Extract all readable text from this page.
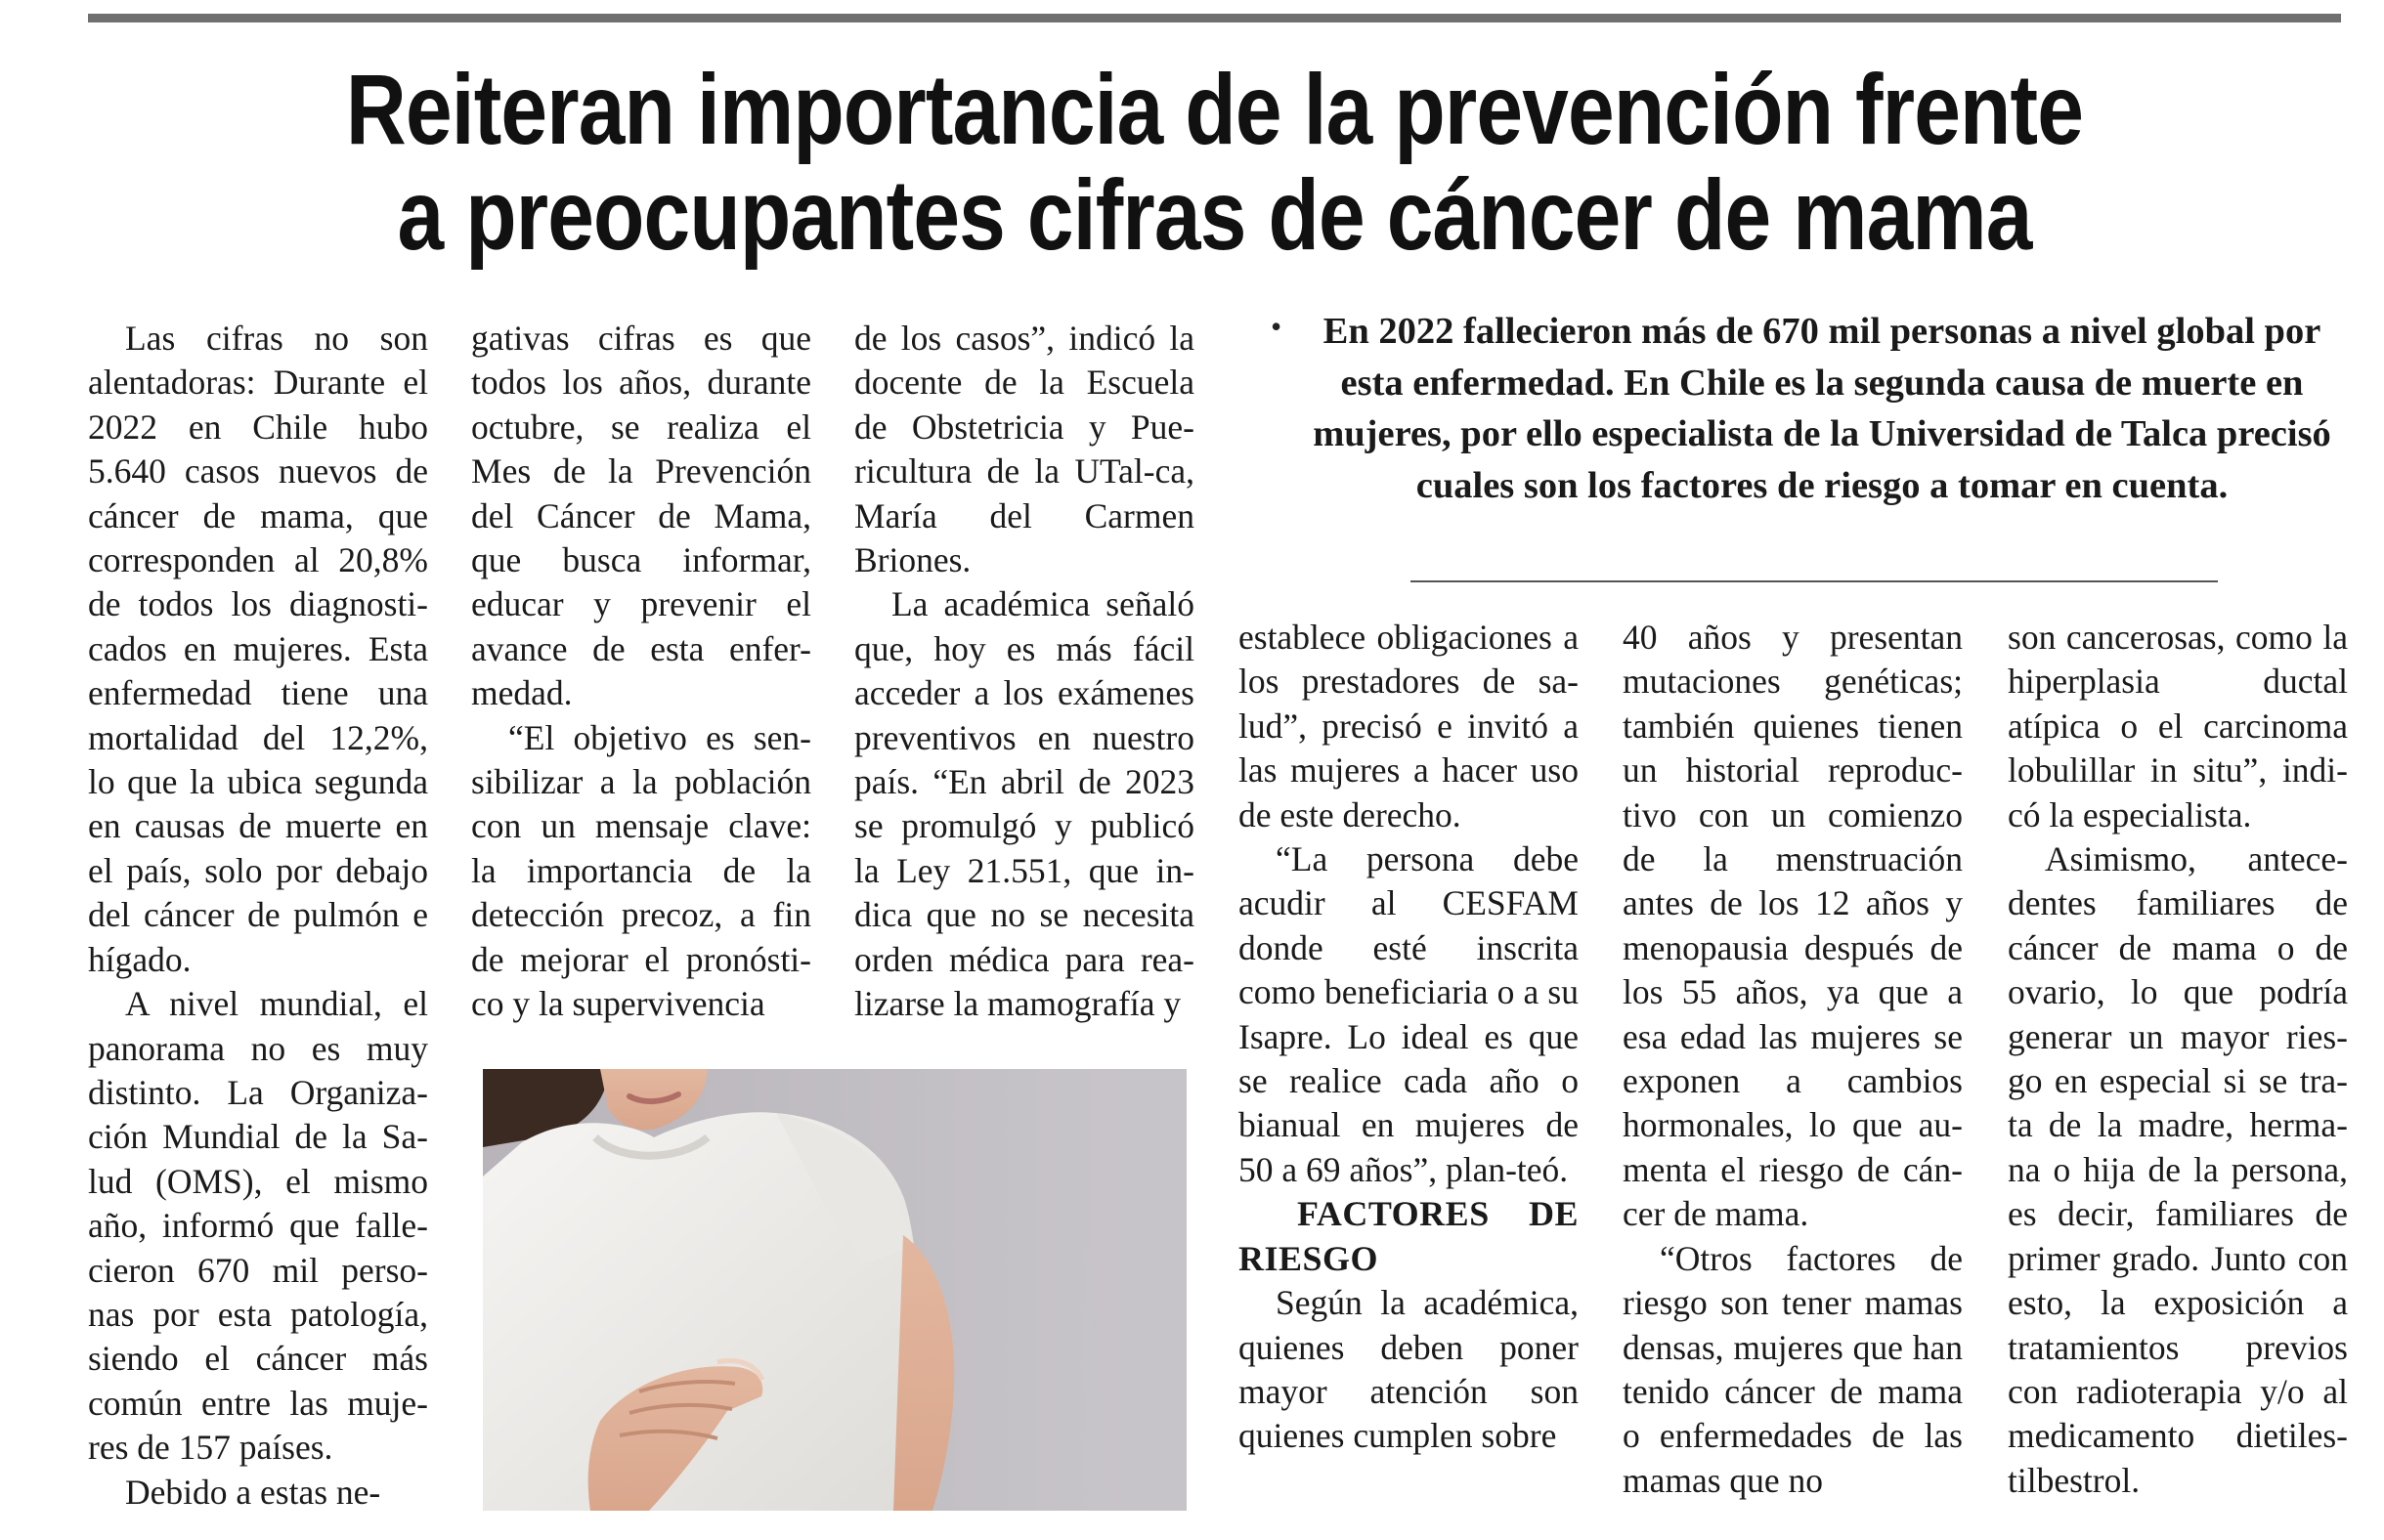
Reiteran importancia de la prevención frente
a preocupantes cifras de cáncer de mama

Las cifras no son alentadoras: Durante el 2022 en Chile hubo 5.640 casos nuevos de cáncer de mama, que corresponden al 20,8% de todos los diagnosti-cados en mujeres. Esta enfermedad tiene una mortalidad del 12,2%, lo que la ubica segunda en causas de muerte en el país, solo por debajo del cáncer de pulmón e hígado.

A nivel mundial, el panorama no es muy distinto. La Organiza-ción Mundial de la Sa-lud (OMS), el mismo año, informó que falle-cieron 670 mil perso-nas por esta patología, siendo el cáncer más común entre las muje-res de 157 países.

Debido a estas ne-

gativas cifras es que todos los años, durante octubre, se realiza el Mes de la Prevención del Cáncer de Mama, que busca informar, educar y prevenir el avance de esta enfer-medad.

“El objetivo es sen-sibilizar a la población con un mensaje clave: la importancia de la detección precoz, a fin de mejorar el pronósti-co y la supervivencia

de los casos”, indicó la docente de la Escuela de Obstetricia y Pue-ricultura de la UTal-ca, María del Carmen Briones.

La académica señaló que, hoy es más fácil acceder a los exámenes preventivos en nuestro país. “En abril de 2023 se promulgó y publicó la Ley 21.551, que in-dica que no se necesita orden médica para rea-lizarse la mamografía y

•	En 2022 fallecieron más de 670 mil personas a nivel global por esta enfermedad. En Chile es la segunda causa de muerte en mujeres, por ello especialista de la Universidad de Talca precisó cuales son los factores de riesgo a tomar en cuenta.

establece obligaciones a los prestadores de sa-lud”, precisó e invitó a las mujeres a hacer uso de este derecho.

“La persona debe acudir al CESFAM donde esté inscrita como beneficiaria o a su Isapre. Lo ideal es que se realice cada año o bianual en mujeres de 50 a 69 años”, plan-teó.

FACTORES DE RIESGO

Según la académica, quienes deben poner mayor atención son quienes cumplen sobre

40 años y presentan mutaciones genéticas; también quienes tienen un historial reproduc-tivo con un comienzo de la menstruación antes de los 12 años y menopausia después de los 55 años, ya que a esa edad las mujeres se exponen a cambios hormonales, lo que au-menta el riesgo de cán-cer de mama.

“Otros factores de riesgo son tener mamas densas, mujeres que han tenido cáncer de mama o enfermedades de las mamas que no

son cancerosas, como la hiperplasia ductal atípica o el carcinoma lobulillar in situ”, indi-có la especialista.

Asimismo, antece-dentes familiares de cáncer de mama o de ovario, lo que podría generar un mayor ries-go en especial si se tra-ta de la madre, herma-na o hija de la persona, es decir, familiares de primer grado. Junto con esto, la exposición a tratamientos previos con radioterapia y/o al medicamento dietiles-tilbestrol.
